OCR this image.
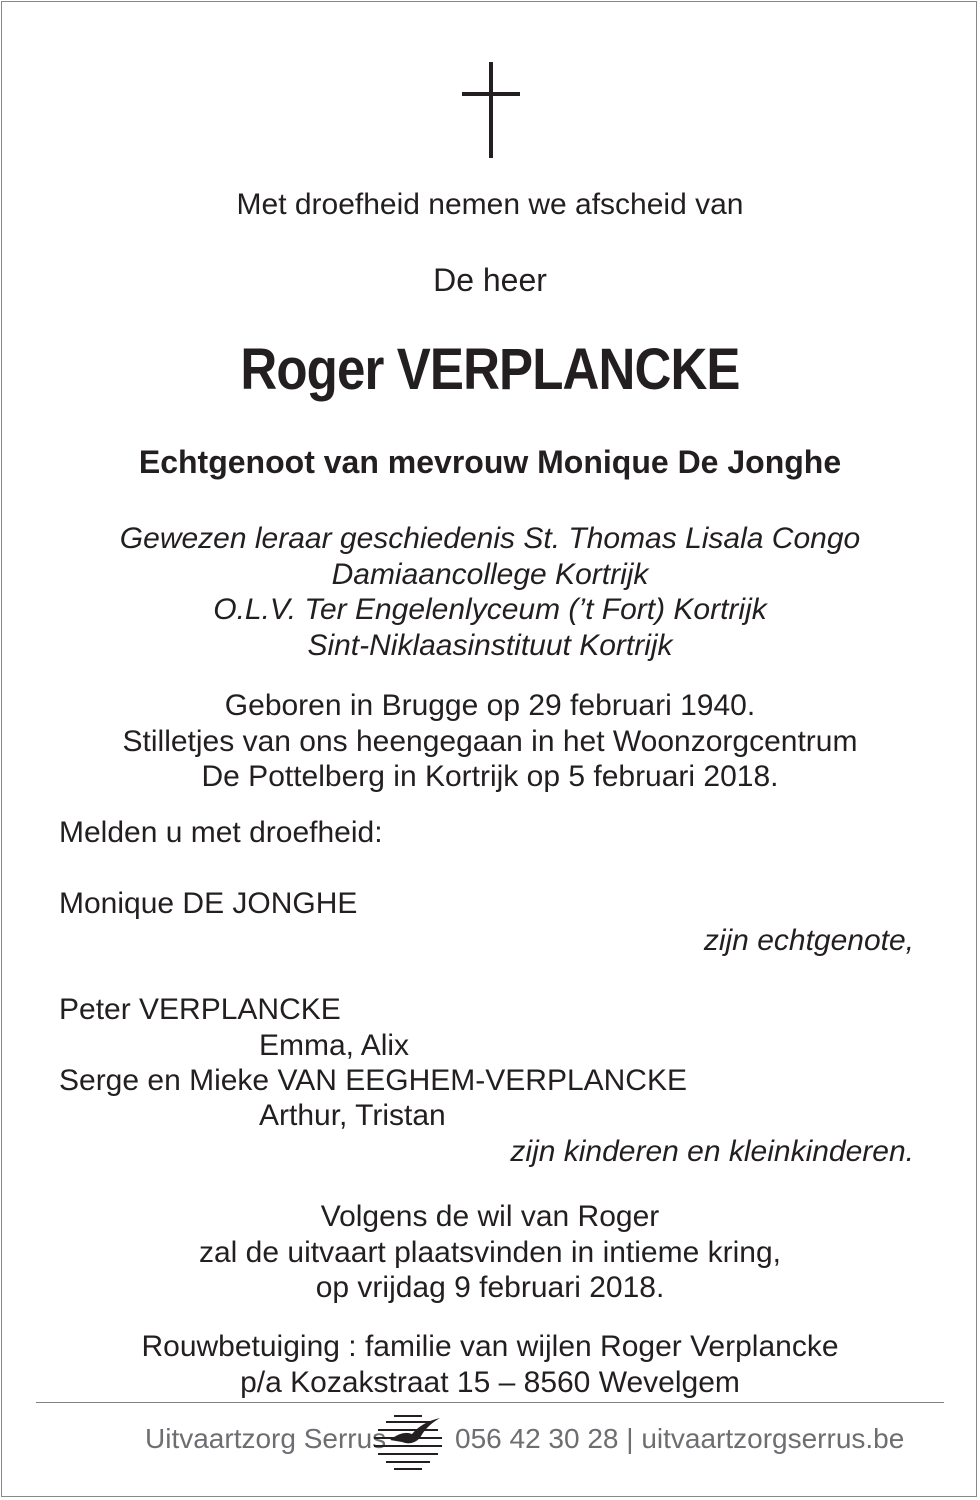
Met droefheid nemen we afscheid van
De heer
Roger VERPLANCKE
Echtgenoot van mevrouw Monique De Jonghe
Gewezen leraar geschiedenis St. Thomas Lisala Congo
Damiaancollege Kortrijk
O.L.V. Ter Engelenlyceum (’t Fort) Kortrijk
Sint-Niklaasinstituut Kortrijk
Geboren in Brugge op 29 februari 1940.
Stilletjes van ons heengegaan in het Woonzorgcentrum
De Pottelberg in Kortrijk op 5 februari 2018.
Melden u met droefheid:
Monique DE JONGHE
zijn echtgenote,
Peter VERPLANCKE
Emma, Alix
Serge en Mieke VAN EEGHEM-VERPLANCKE
Arthur, Tristan
zijn kinderen en kleinkinderen.
Volgens de wil van Roger
zal de uitvaart plaatsvinden in intieme kring,
op vrijdag 9 februari 2018.
Rouwbetuiging : familie van wijlen Roger Verplancke
p/a Kozakstraat 15 – 8560 Wevelgem
Uitvaartzorg Serrus 056 42 30 28 | uitvaartzorgserrus.be
